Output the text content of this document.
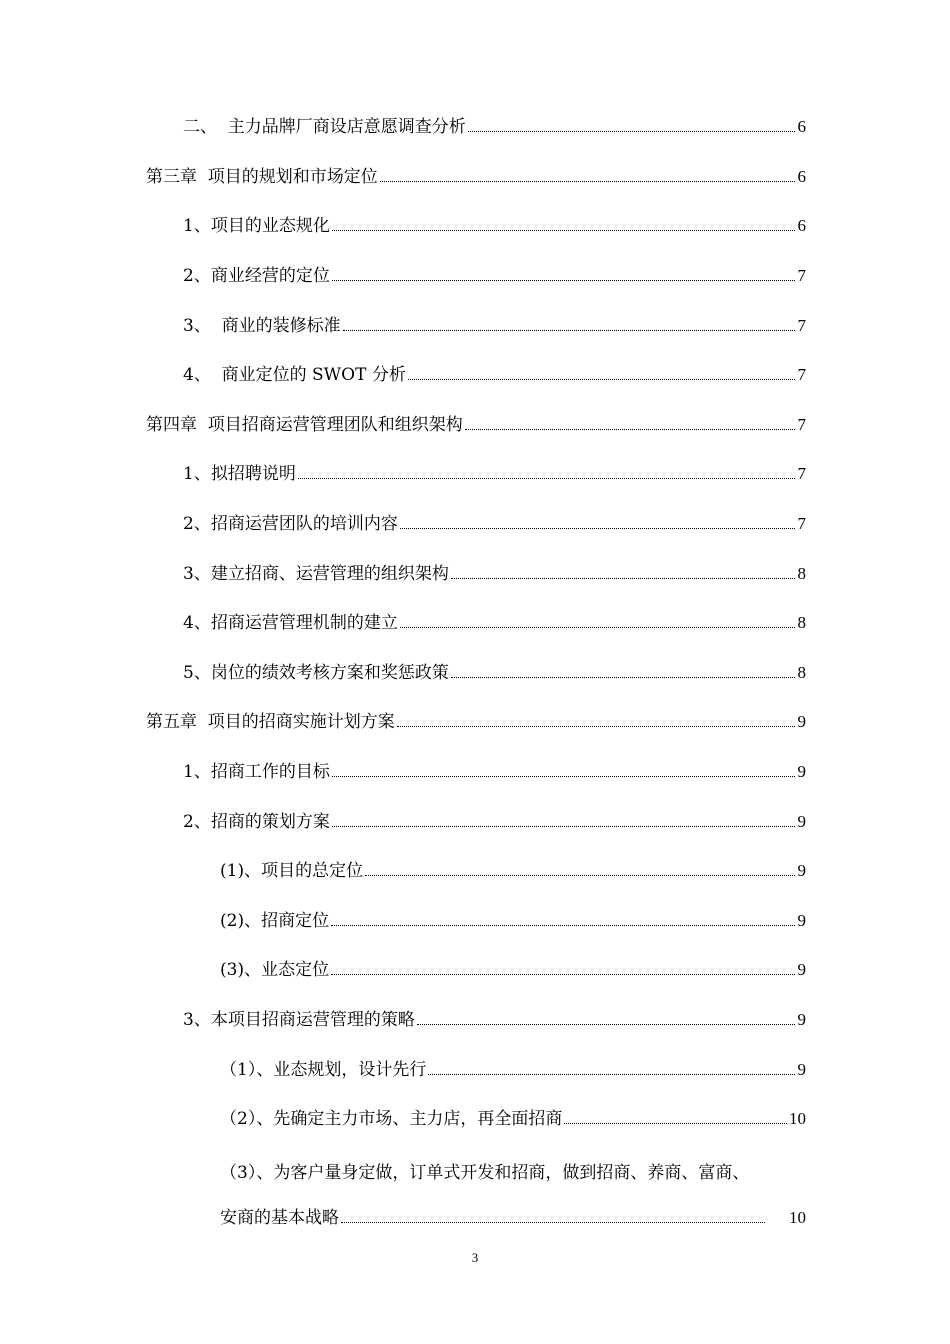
二、  主力品牌厂商设店意愿调查分析	6
第三章  项目的规划和市场定位	6
1、项目的业态规化	6
2、商业经营的定位	7
3、  商业的装修标准	7
4、  商业定位的 SWOT 分析	7
第四章  项目招商运营管理团队和组织架构	7
1、拟招聘说明	7
2、招商运营团队的培训内容	7
3、建立招商、运营管理的组织架构	8
4、招商运营管理机制的建立	8
5、岗位的绩效考核方案和奖惩政策	8
第五章  项目的招商实施计划方案	9
1、招商工作的目标	9
2、招商的策划方案	9
(1)、项目的总定位	9
(2)、招商定位	9
(3)、业态定位	9
3、本项目招商运营管理的策略	9
（1）、业态规划，设计先行	9
（2）、先确定主力市场、主力店，再全面招商	10
（3）、为客户量身定做，订单式开发和招商，做到招商、养商、富商、
安商的基本战略	10
3
